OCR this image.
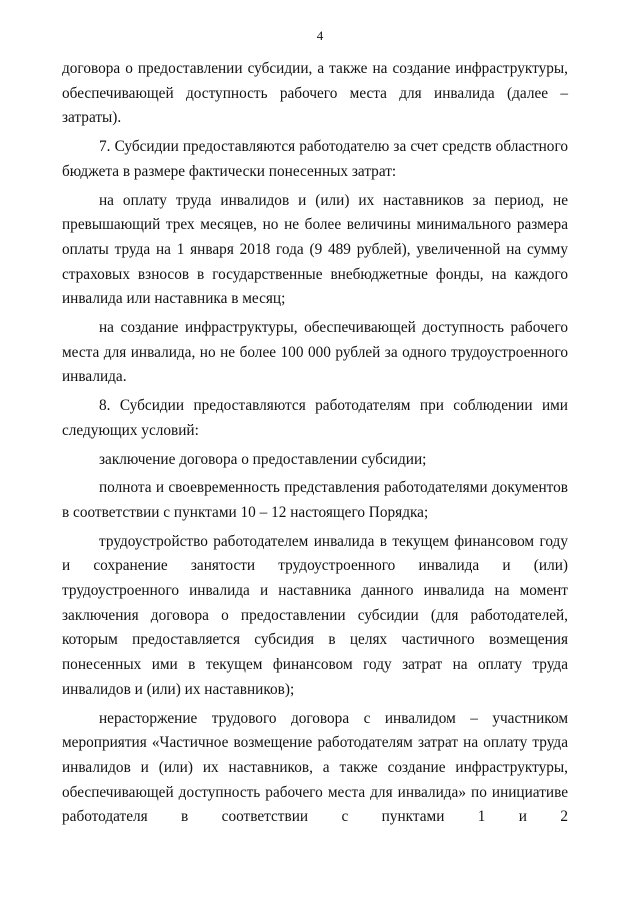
4

договора о предоставлении субсидии, а также на создание инфраструктуры, обеспечивающей доступность рабочего места для инвалида (далее – затраты).

7. Субсидии предоставляются работодателю за счет средств областного бюджета в размере фактически понесенных затрат:

на оплату труда инвалидов и (или) их наставников за период, не превышающий трех месяцев, но не более величины минимального размера оплаты труда на 1 января 2018 года (9 489 рублей), увеличенной на сумму страховых взносов в государственные внебюджетные фонды, на каждого инвалида или наставника в месяц;

на создание инфраструктуры, обеспечивающей доступность рабочего места для инвалида, но не более 100 000 рублей за одного трудоустроенного инвалида.

8. Субсидии предоставляются работодателям при соблюдении ими следующих условий:

заключение договора о предоставлении субсидии;

полнота и своевременность представления работодателями документов в соответствии с пунктами 10 – 12 настоящего Порядка;

трудоустройство работодателем инвалида в текущем финансовом году и сохранение занятости трудоустроенного инвалида и (или) трудоустроенного инвалида и наставника данного инвалида на момент заключения договора о предоставлении субсидии (для работодателей, которым предоставляется субсидия в целях частичного возмещения понесенных ими в текущем финансовом году затрат на оплату труда инвалидов и (или) их наставников);

нерасторжение трудового договора с инвалидом – участником мероприятия «Частичное возмещение работодателям затрат на оплату труда инвалидов и (или) их наставников, а также создание инфраструктуры, обеспечивающей доступность рабочего места для инвалида» по инициативе работодателя в соответствии с пунктами 1 и 2
